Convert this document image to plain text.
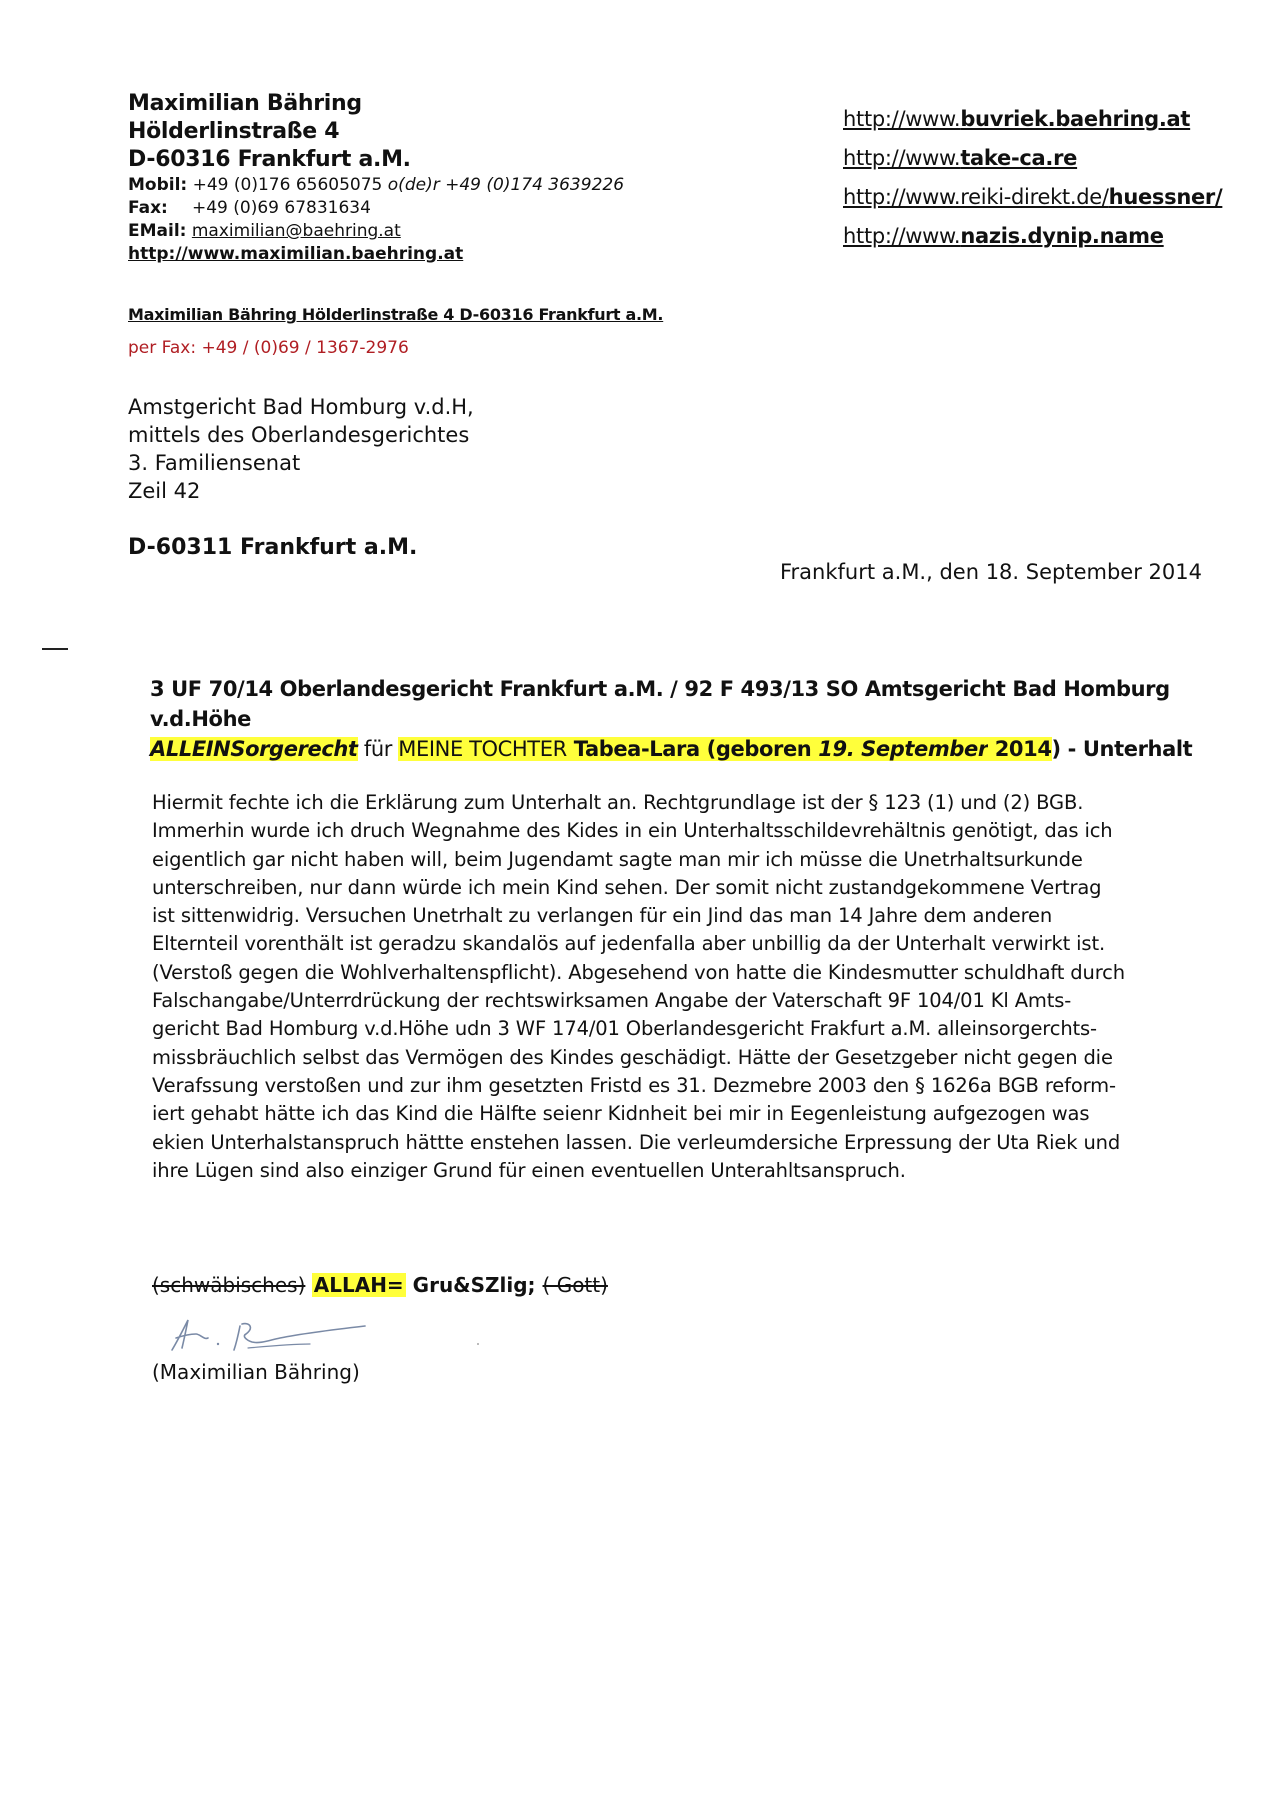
Maximilian Bähring
Hölderlinstraße 4
D-60316 Frankfurt a.M.
Mobil: +49 (0)176 65605075 o(de)r +49 (0)174 3639226
Fax: +49 (0)69 67831634
EMail: maximilian@baehring.at
http://www.maximilian.baehring.at
http://www.buvriek.baehring.at
http://www.take-ca.re
http://www.reiki-direkt.de/huessner/
http://www.nazis.dynip.name
Maximilian Bähring Hölderlinstraße 4 D-60316 Frankfurt a.M.
per Fax: +49 / (0)69 / 1367-2976
Amstgericht Bad Homburg v.d.H,
mittels des Oberlandesgerichtes
3. Familiensenat
Zeil 42
D-60311 Frankfurt a.M.
Frankfurt a.M., den 18. September 2014
3 UF 70/14 Oberlandesgericht Frankfurt a.M. / 92 F 493/13 SO Amtsgericht Bad Homburg v.d.Höhe
ALLEINSorgerecht für MEINE TOCHTER Tabea-Lara (geboren 19. September 2014) - Unterhalt
Hiermit fechte ich die Erklärung zum Unterhalt an. Rechtgrundlage ist der § 123 (1) und (2) BGB.
Immerhin wurde ich druch Wegnahme des Kides in ein Unterhaltsschildevrehältnis genötigt, das ich
eigentlich gar nicht haben will, beim Jugendamt sagte man mir ich müsse die Unetrhaltsurkunde
unterschreiben, nur dann würde ich mein Kind sehen. Der somit nicht zustandgekommene Vertrag
ist sittenwidrig. Versuchen Unetrhalt zu verlangen für ein Jind das man 14 Jahre dem anderen
Elternteil vorenthält ist geradzu skandalös auf jedenfalla aber unbillig da der Unterhalt verwirkt ist.
(Verstoß gegen die Wohlverhaltenspflicht). Abgesehend von hatte die Kindesmutter schuldhaft durch
Falschangabe/Unterrdrückung der rechtswirksamen Angabe der Vaterschaft 9F 104/01 Kl Amts-
gericht Bad Homburg v.d.Höhe udn 3 WF 174/01 Oberlandesgericht Frakfurt a.M. alleinsorgerchts-
missbräuchlich selbst das Vermögen des Kindes geschädigt. Hätte der Gesetzgeber nicht gegen die
Verafssung verstoßen und zur ihm gesetzten Fristd es 31. Dezmebre 2003 den § 1626a BGB reform-
iert gehabt hätte ich das Kind die Hälfte seienr Kidnheit bei mir in Eegenleistung aufgezogen was
ekien Unterhalstanspruch hättte enstehen lassen. Die verleumdersiche Erpressung der Uta Riek und
ihre Lügen sind also einziger Grund für einen eventuellen Unterahltsanspruch.
(schwäbisches) ALLAH= Gru&SZlig; ( Gott)
(Maximilian Bähring)
